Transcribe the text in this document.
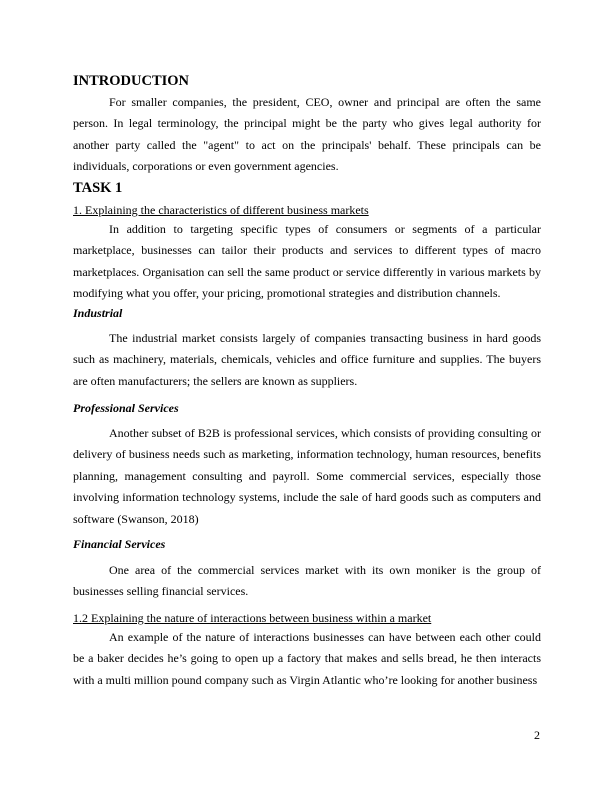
INTRODUCTION

For smaller companies, the president, CEO, owner and principal are often the same person. In legal terminology, the principal might be the party who gives legal authority for another party called the "agent" to act on the principals' behalf. These principals can be individuals, corporations or even government agencies.

TASK 1
1. Explaining the characteristics of different business markets

In addition to targeting specific types of consumers or segments of a particular marketplace, businesses can tailor their products and services to different types of macro marketplaces. Organisation can sell the same product or service differently in various markets by modifying what you offer, your pricing, promotional strategies and distribution channels.

Industrial

The industrial market consists largely of companies transacting business in hard goods such as machinery, materials, chemicals, vehicles and office furniture and supplies. The buyers are often manufacturers; the sellers are known as suppliers.

Professional Services

Another subset of B2B is professional services, which consists of providing consulting or delivery of business needs such as marketing, information technology, human resources, benefits planning, management consulting and payroll. Some commercial services, especially those involving information technology systems, include the sale of hard goods such as computers and software (Swanson, 2018)

Financial Services

One area of the commercial services market with its own moniker is the group of businesses selling financial services.

1.2 Explaining the nature of interactions between business within a market

An example of the nature of interactions businesses can have between each other could be a baker decides he’s going to open up a factory that makes and sells bread, he then interacts with a multi million pound company such as Virgin Atlantic who’re looking for another business

2
